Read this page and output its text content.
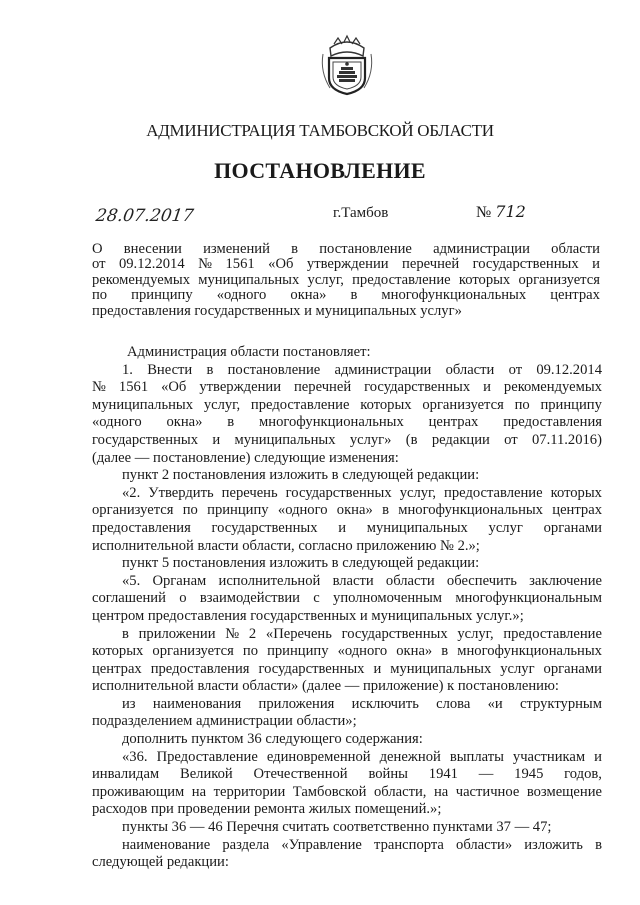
АДМИНИСТРАЦИЯ ТАМБОВСКОЙ ОБЛАСТИ
ПОСТАНОВЛЕНИЕ
28.07.2017	г.Тамбов	№ 712
О внесении изменений в постановление администрации области
от 09.12.2014 № 1561 «Об утверждении перечней государственных и
рекомендуемых муниципальных услуг, предоставление которых организуется
по принципу «одного окна» в многофункциональных центрах
предоставления государственных и муниципальных услуг»
Администрация области постановляет:
1. Внести в постановление администрации области от 09.12.2014
№ 1561 «Об утверждении перечней государственных и рекомендуемых
муниципальных услуг, предоставление которых организуется по принципу
«одного окна» в многофункциональных центрах предоставления
государственных и муниципальных услуг» (в редакции от 07.11.2016)
(далее — постановление) следующие изменения:
пункт 2 постановления изложить в следующей редакции:
«2. Утвердить перечень государственных услуг, предоставление которых
организуется по принципу «одного окна» в многофункциональных центрах
предоставления государственных и муниципальных услуг органами
исполнительной власти области, согласно приложению № 2.»;
пункт 5 постановления изложить в следующей редакции:
«5. Органам исполнительной власти области обеспечить заключение
соглашений о взаимодействии с уполномоченным многофункциональным
центром предоставления государственных и муниципальных услуг.»;
в приложении № 2 «Перечень государственных услуг, предоставление
которых организуется по принципу «одного окна» в многофункциональных
центрах предоставления государственных и муниципальных услуг органами
исполнительной власти области» (далее — приложение) к постановлению:
из наименования приложения исключить слова «и структурным
подразделением администрации области»;
дополнить пунктом 36 следующего содержания:
«36. Предоставление единовременной денежной выплаты участникам и
инвалидам Великой Отечественной войны 1941 — 1945 годов,
проживающим на территории Тамбовской области, на частичное возмещение
расходов при проведении ремонта жилых помещений.»;
пункты 36 — 46 Перечня считать соответственно пунктами 37 — 47;
наименование раздела «Управление транспорта области» изложить в
следующей редакции:
